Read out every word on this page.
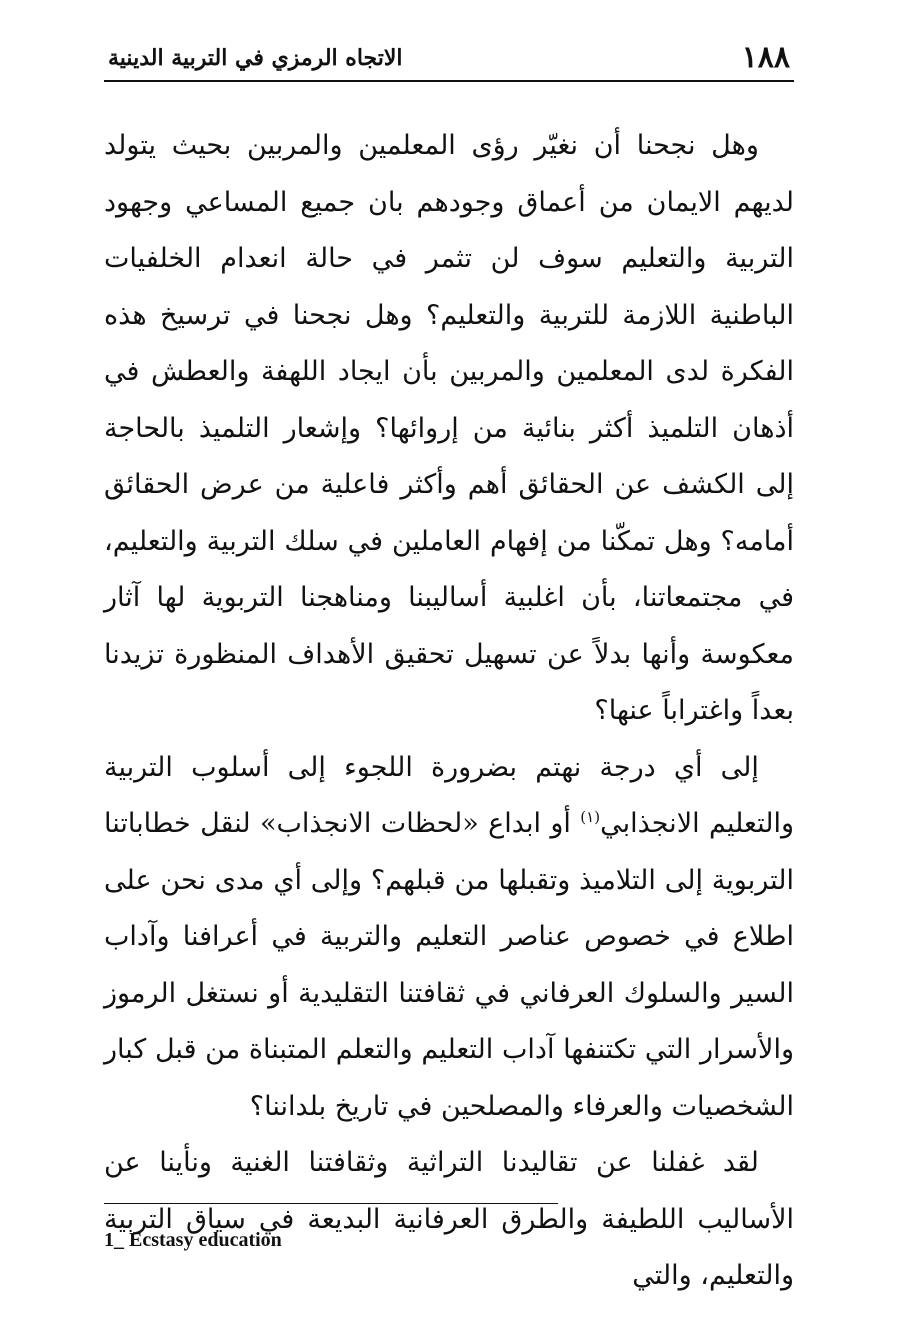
١٨٨
الاتجاه الرمزي في التربية الدينية

وهل نجحنا أن نغيّر رؤى المعلمين والمربين بحيث يتولد لديهم الايمان من أعماق وجودهم بان جميع المساعي وجهود التربية والتعليم سوف لن تثمر في حالة انعدام الخلفيات الباطنية اللازمة للتربية والتعليم؟ وهل نجحنا في ترسيخ هذه الفكرة لدى المعلمين والمربين بأن ايجاد اللهفة والعطش في أذهان التلميذ أكثر بنائية من إروائها؟ وإشعار التلميذ بالحاجة إلى الكشف عن الحقائق أهم وأكثر فاعلية من عرض الحقائق أمامه؟ وهل تمكّنا من إفهام العاملين في سلك التربية والتعليم، في مجتمعاتنا، بأن اغلبية أساليبنا ومناهجنا التربوية لها آثار معكوسة وأنها بدلاً عن تسهيل تحقيق الأهداف المنظورة تزيدنا بعداً واغتراباً عنها؟

إلى أي درجة نهتم بضرورة اللجوء إلى أسلوب التربية والتعليم الانجذابي$^{(١)}$ أو ابداع «لحظات الانجذاب» لنقل خطاباتنا التربوية إلى التلاميذ وتقبلها من قبلهم؟ وإلى أي مدى نحن على اطلاع في خصوص عناصر التعليم والتربية في أعرافنا وآداب السير والسلوك العرفاني في ثقافتنا التقليدية أو نستغل الرموز والأسرار التي تكتنفها آداب التعليم والتعلم المتبناة من قبل كبار الشخصيات والعرفاء والمصلحين في تاريخ بلداننا؟

لقد غفلنا عن تقاليدنا التراثية وثقافتنا الغنية ونأينا عن الأساليب اللطيفة والطرق العرفانية البديعة في سياق التربية والتعليم، والتي

1_ Ecstasy education
